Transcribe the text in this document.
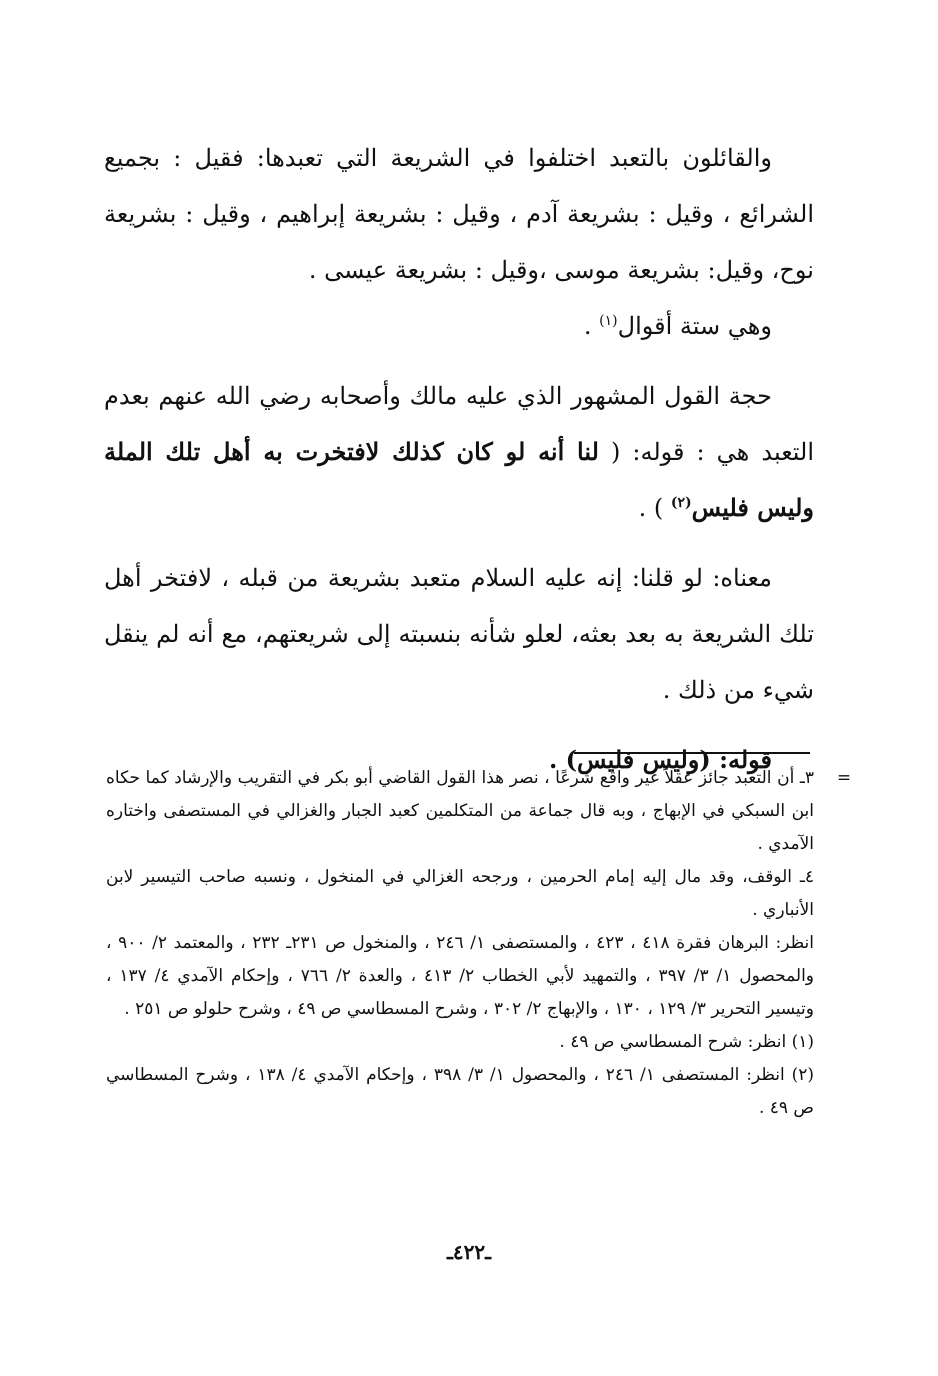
والقائلون بالتعبد اختلفوا في الشريعة التي تعبدها: فقيل : بجميع الشرائع ، وقيل : بشريعة آدم ، وقيل : بشريعة إبراهيم ، وقيل : بشريعة نوح، وقيل: بشريعة موسى ،وقيل : بشريعة عيسى .

وهي ستة أقوال$^{(١)}$ .

حجة القول المشهور الذي عليه مالك وأصحابه رضي الله عنهم بعدم التعبد هي : قوله: ( لنا أنه لو كان كذلك لافتخرت به أهل تلك الملة وليس فليس$^{(٢)}$ ) .

معناه: لو قلنا: إنه عليه السلام متعبد بشريعة من قبله ، لافتخر أهل تلك الشريعة به بعد بعثه، لعلو شأنه بنسبته إلى شريعتهم، مع أنه لم ينقل شيء من ذلك .

قوله: (وليس فليس) .

=
٣ـ أن التعبد جائز عقلاً غير واقع شرعًا ، نصر هذا القول القاضي أبو بكر في التقريب والإرشاد كما حكاه ابن السبكي في الإبهاج ، وبه قال جماعة من المتكلمين كعبد الجبار والغزالي في المستصفى واختاره الآمدي .

٤ـ الوقف، وقد مال إليه إمام الحرمين ، ورجحه الغزالي في المنخول ، ونسبه صاحب التيسير لابن الأنباري .

انظر: البرهان فقرة ٤١٨ ، ٤٢٣ ، والمستصفى ١/ ٢٤٦ ، والمنخول ص ٢٣١ـ ٢٣٢ ، والمعتمد ٢/ ٩٠٠ ، والمحصول ١/ ٣/ ٣٩٧ ، والتمهيد لأبي الخطاب ٢/ ٤١٣ ، والعدة ٢/ ٧٦٦ ، وإحكام الآمدي ٤/ ١٣٧ ، وتيسير التحرير ٣/ ١٢٩ ، ١٣٠ ، والإبهاج ٢/ ٣٠٢ ، وشرح المسطاسي ص ٤٩ ، وشرح حلولو ص ٢٥١ .

(١) انظر: شرح المسطاسي ص ٤٩ .

(٢) انظر: المستصفى ١/ ٢٤٦ ، والمحصول ١/ ٣/ ٣٩٨ ، وإحكام الآمدي ٤/ ١٣٨ ، وشرح المسطاسي ص ٤٩ .

ـ٤٢٢ـ
